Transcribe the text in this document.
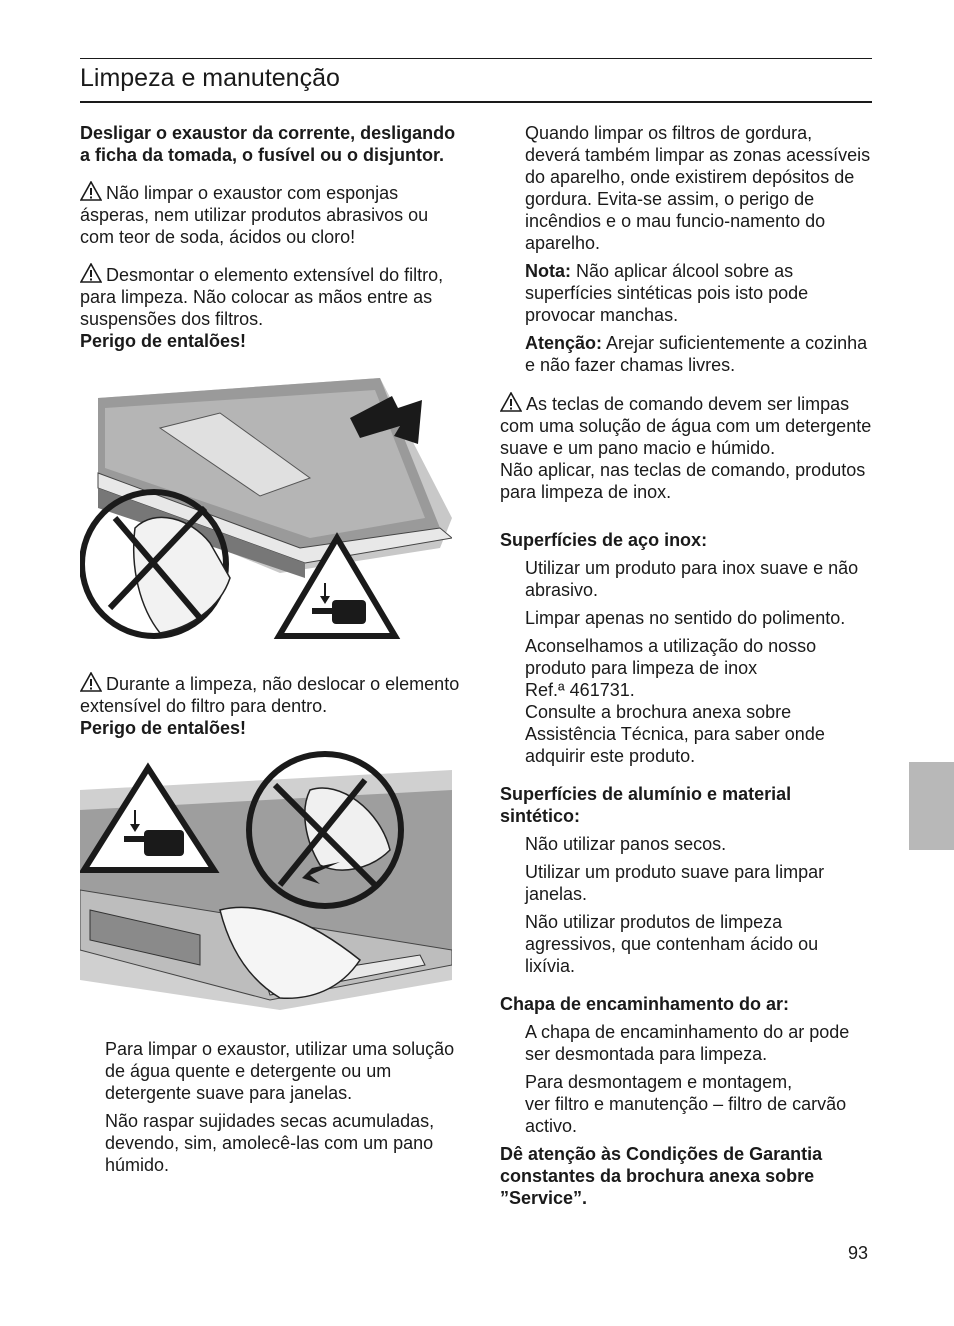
Limpeza e manutenção

Desligar o exaustor da corrente, desligando a ficha da tomada, o fusível ou o disjuntor.

Não limpar o exaustor com esponjas ásperas, nem utilizar produtos abrasivos ou com teor de soda, ácidos ou cloro!

Desmontar o elemento extensível do filtro, para limpeza. Não colocar as mãos entre as suspensões dos filtros.

Perigo de entalões!

Durante a limpeza, não deslocar o elemento extensível do filtro para dentro.

Perigo de entalões!

Para limpar o exaustor, utilizar uma solução de água quente e detergente ou um detergente suave para janelas.

Não raspar sujidades secas acumuladas, devendo, sim, amolecê-las com um pano húmido.

Quando limpar os filtros de gordura, deverá também limpar as zonas acessíveis do aparelho, onde existirem depósitos de gordura. Evita-se assim, o perigo de incêndios e o mau funcio-namento do aparelho.

Nota: Não aplicar álcool sobre as superfícies sintéticas pois isto pode provocar manchas.

Atenção: Arejar suficientemente a cozinha e não fazer chamas livres.

As teclas de comando devem ser limpas com uma solução de água com um detergente suave e um pano macio e húmido.

Não aplicar, nas teclas de comando, produtos para limpeza de inox.

Superfícies de aço inox:

Utilizar um produto para inox suave e não abrasivo.

Limpar apenas no sentido do polimento.

Aconselhamos a utilização do nosso produto para limpeza de inox

Ref.ª 461731.

Consulte a brochura anexa sobre Assistência Técnica, para saber onde adquirir este produto.

Superfícies de alumínio e material sintético:

Não utilizar panos secos.

Utilizar um produto suave para limpar janelas.

Não utilizar produtos de limpeza agressivos, que contenham ácido ou lixívia.

Chapa de encaminhamento do ar:

A chapa de encaminhamento do ar pode ser desmontada para limpeza.

Para desmontagem e montagem,

ver filtro e manutenção – filtro de carvão activo.

Dê atenção às Condições de Garantia constantes da brochura anexa sobre ”Service”.

93
